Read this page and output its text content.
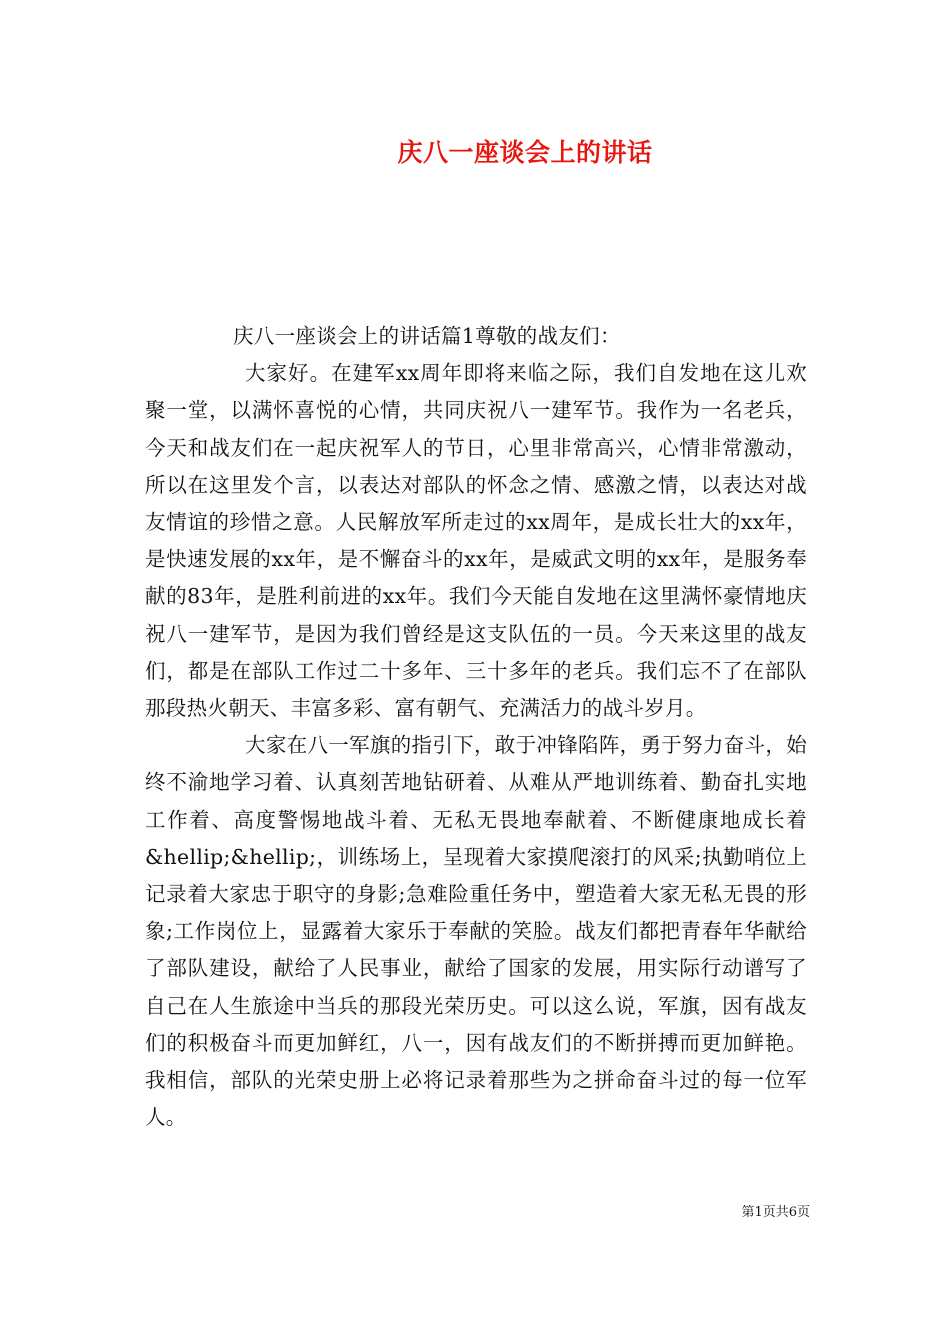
庆八一座谈会上的讲话

庆八一座谈会上的讲话篇1尊敬的战友们：

大家好。在建军xx周年即将来临之际，我们自发地在这儿欢聚一堂，以满怀喜悦的心情，共同庆祝八一建军节。我作为一名老兵，今天和战友们在一起庆祝军人的节日，心里非常高兴，心情非常激动，所以在这里发个言，以表达对部队的怀念之情、感激之情，以表达对战友情谊的珍惜之意。人民解放军所走过的xx周年，是成长壮大的xx年，是快速发展的xx年，是不懈奋斗的xx年，是威武文明的xx年，是服务奉献的83年，是胜利前进的xx年。我们今天能自发地在这里满怀豪情地庆祝八一建军节，是因为我们曾经是这支队伍的一员。今天来这里的战友们，都是在部队工作过二十多年、三十多年的老兵。我们忘不了在部队那段热火朝天、丰富多彩、富有朝气、充满活力的战斗岁月。

大家在八一军旗的指引下，敢于冲锋陷阵，勇于努力奋斗，始终不渝地学习着、认真刻苦地钻研着、从难从严地训练着、勤奋扎实地工作着、高度警惕地战斗着、无私无畏地奉献着、不断健康地成长着&hellip;&hellip;，训练场上，呈现着大家摸爬滚打的风采;执勤哨位上记录着大家忠于职守的身影;急难险重任务中，塑造着大家无私无畏的形象;工作岗位上，显露着大家乐于奉献的笑脸。战友们都把青春年华献给了部队建设，献给了人民事业，献给了国家的发展，用实际行动谱写了自己在人生旅途中当兵的那段光荣历史。可以这么说，军旗，因有战友们的积极奋斗而更加鲜红，八一，因有战友们的不断拼搏而更加鲜艳。我相信，部队的光荣史册上必将记录着那些为之拼命奋斗过的每一位军人。

第1页共6页
